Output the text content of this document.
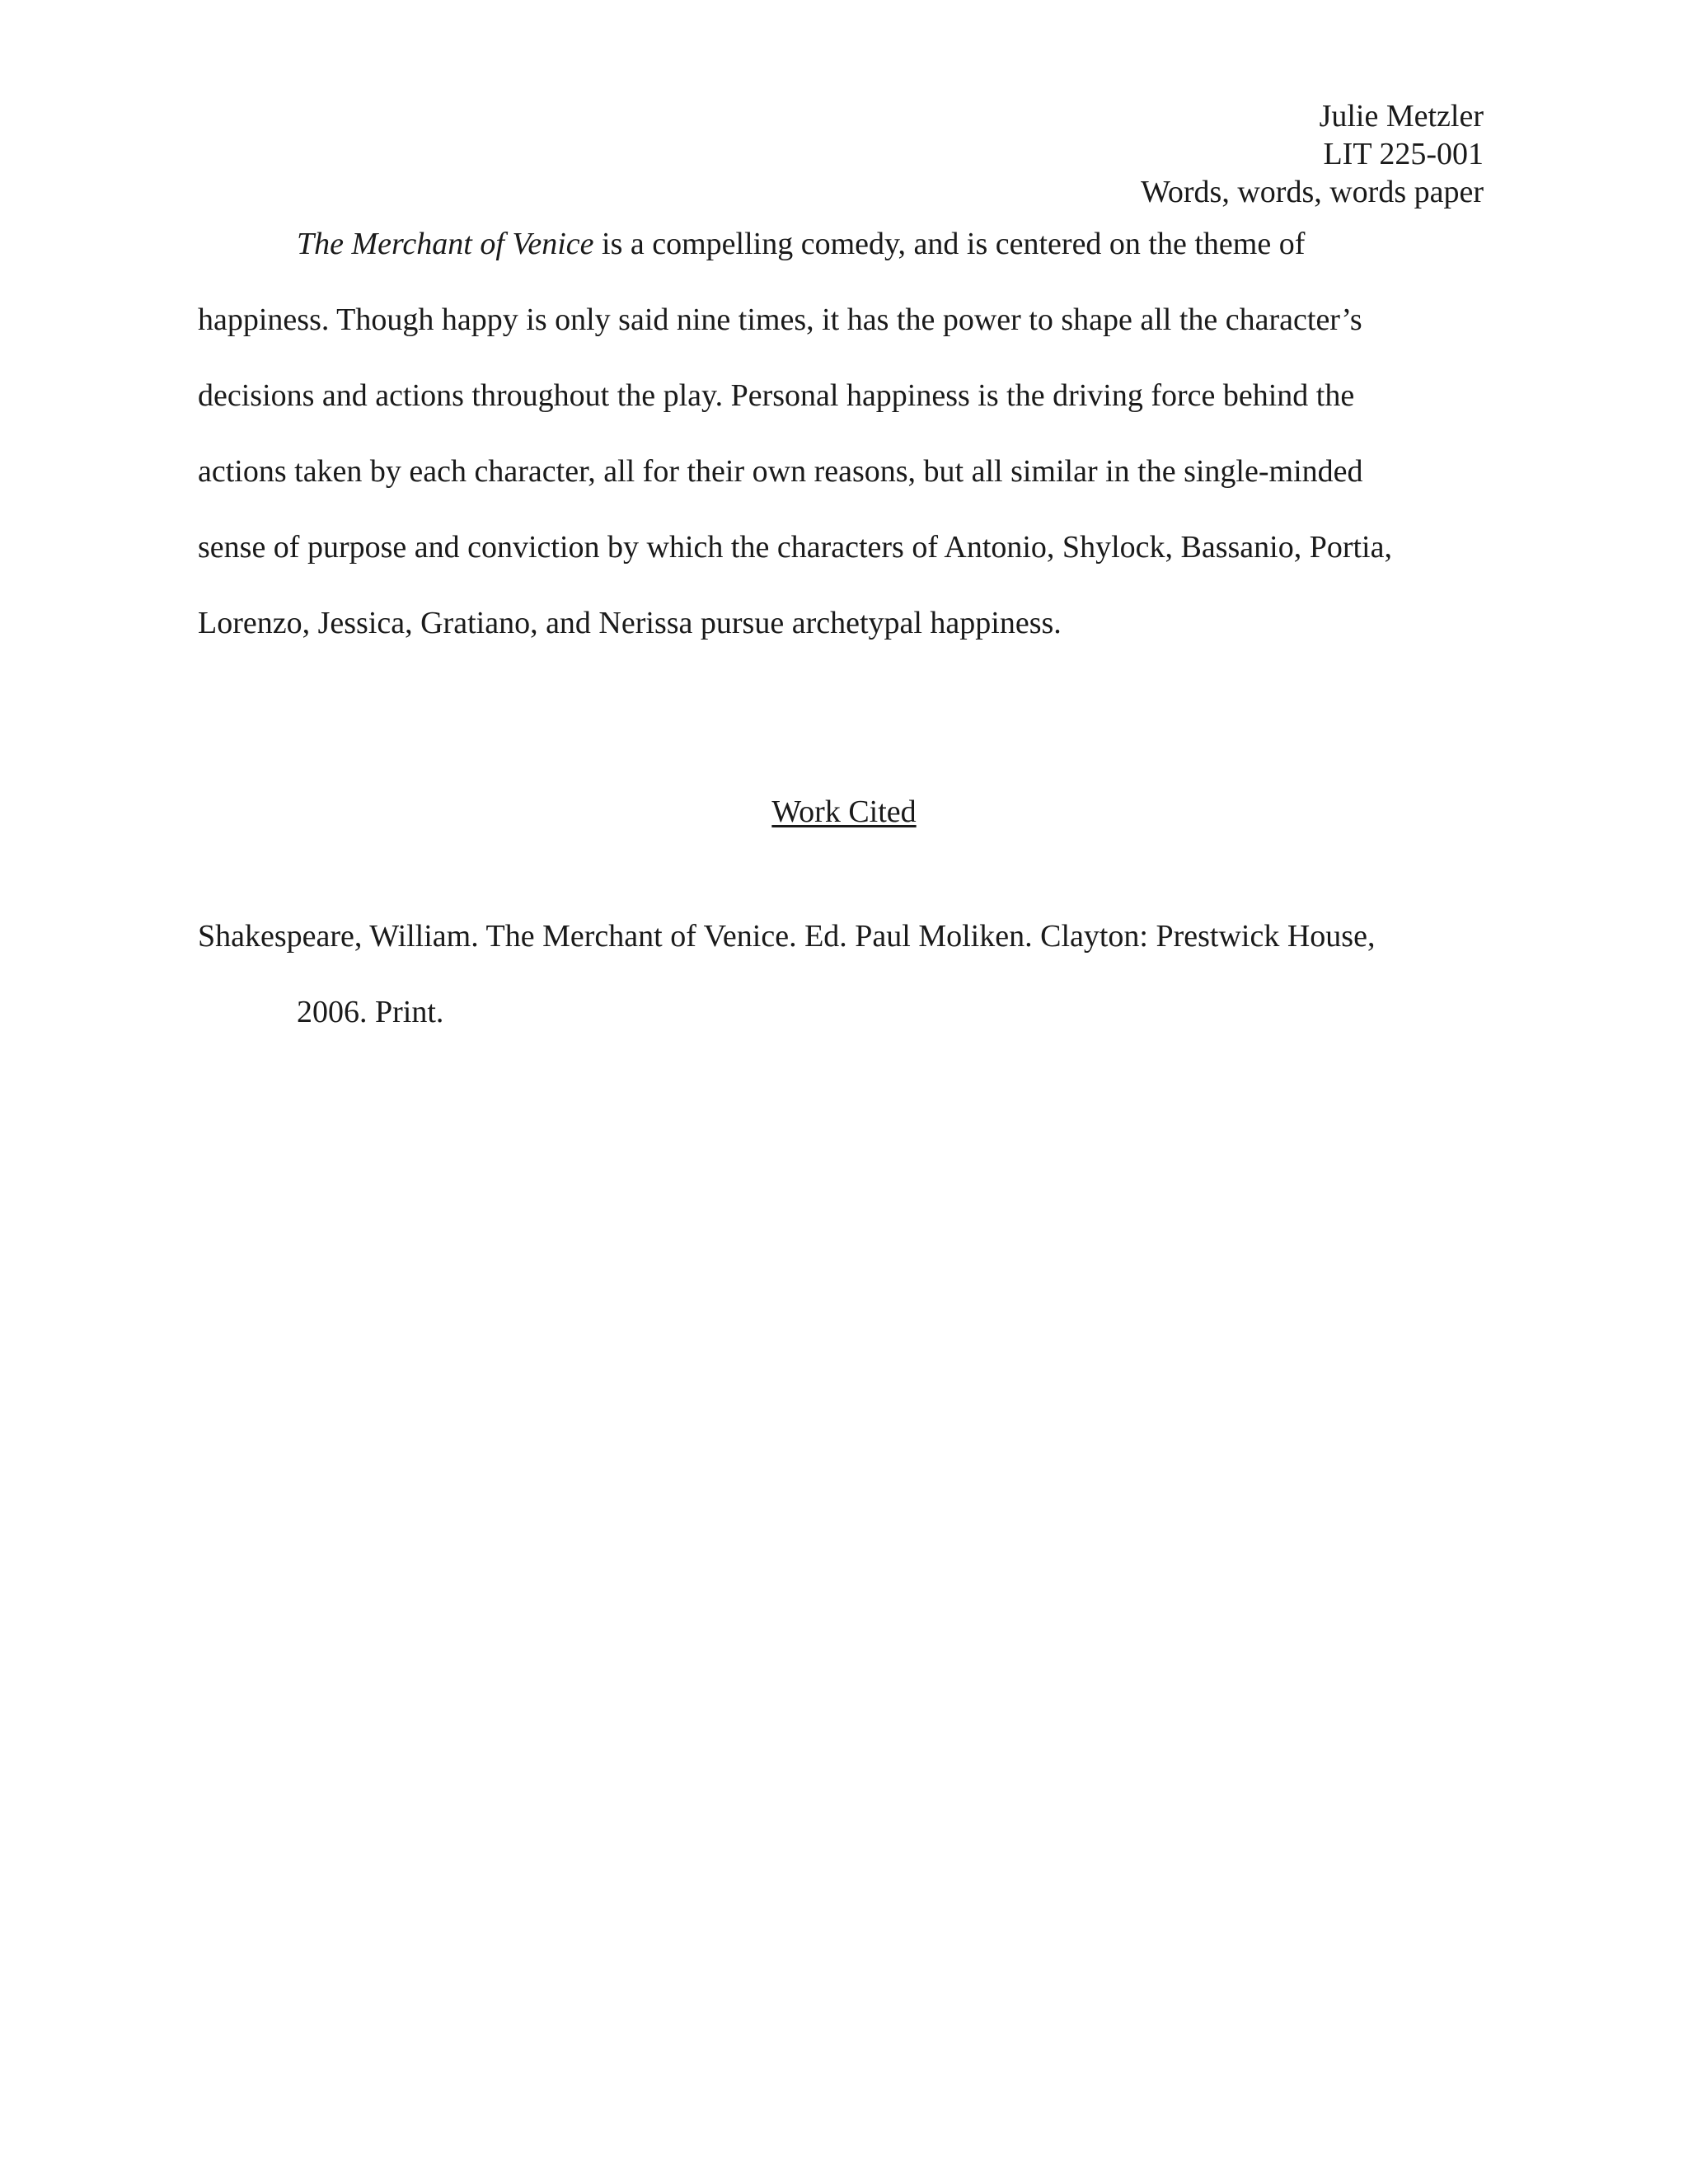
Julie Metzler
LIT 225-001
Words, words, words paper
The Merchant of Venice is a compelling comedy, and is centered on the theme of
happiness. Though happy is only said nine times, it has the power to shape all the character’s
decisions and actions throughout the play. Personal happiness is the driving force behind the
actions taken by each character, all for their own reasons, but all similar in the single-minded
sense of purpose and conviction by which the characters of Antonio, Shylock, Bassanio, Portia,
Lorenzo, Jessica, Gratiano, and Nerissa pursue archetypal happiness.
Work Cited
Shakespeare, William. The Merchant of Venice. Ed. Paul Moliken. Clayton: Prestwick House,
2006. Print.
